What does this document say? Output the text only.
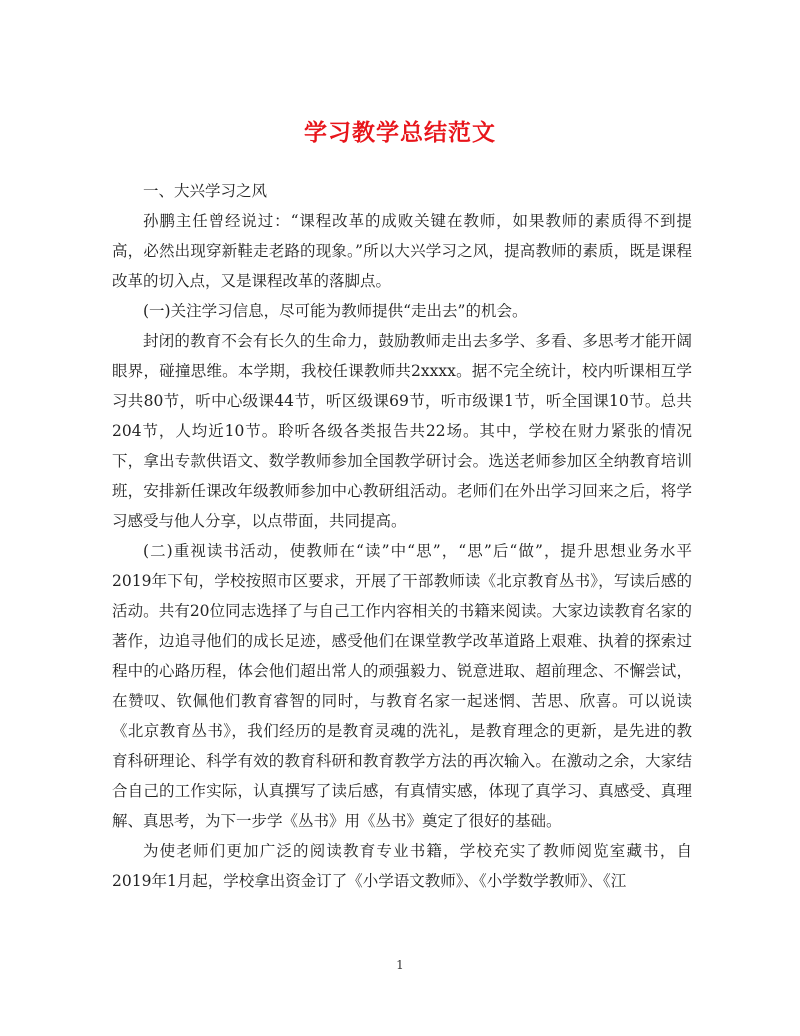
学习教学总结范文

一、大兴学习之风

孙鹏主任曾经说过：“课程改革的成败关键在教师，如果教师的素质得不到提高，必然出现穿新鞋走老路的现象。”所以大兴学习之风，提高教师的素质，既是课程改革的切入点，又是课程改革的落脚点。

(一)关注学习信息，尽可能为教师提供“走出去”的机会。

封闭的教育不会有长久的生命力，鼓励教师走出去多学、多看、多思考才能开阔眼界，碰撞思维。本学期，我校任课教师共2xxxx。据不完全统计，校内听课相互学习共80节，听中心级课44节，听区级课69节，听市级课1节，听全国课10节。总共204节，人均近10节。聆听各级各类报告共22场。其中，学校在财力紧张的情况下，拿出专款供语文、数学教师参加全国教学研讨会。选送老师参加区全纳教育培训班，安排新任课改年级教师参加中心教研组活动。老师们在外出学习回来之后，将学习感受与他人分享，以点带面，共同提高。

(二)重视读书活动，使教师在“读”中“思”，“思”后“做”，提升思想业务水平　　2019年下旬，学校按照市区要求，开展了干部教师读《北京教育丛书》，写读后感的活动。共有20位同志选择了与自己工作内容相关的书籍来阅读。大家边读教育名家的著作，边追寻他们的成长足迹，感受他们在课堂教学改革道路上艰难、执着的探索过程中的心路历程，体会他们超出常人的顽强毅力、锐意进取、超前理念、不懈尝试，在赞叹、钦佩他们教育睿智的同时，与教育名家一起迷惘、苦思、欣喜。可以说读《北京教育丛书》，我们经历的是教育灵魂的洗礼，是教育理念的更新，是先进的教育科研理论、科学有效的教育科研和教育教学方法的再次输入。在激动之余，大家结合自己的工作实际，认真撰写了读后感，有真情实感，体现了真学习、真感受、真理解、真思考，为下一步学《丛书》用《丛书》奠定了很好的基础。

为使老师们更加广泛的阅读教育专业书籍，学校充实了教师阅览室藏书，自2019年1月起，学校拿出资金订了《小学语文教师》、《小学数学教师》、《江

1
